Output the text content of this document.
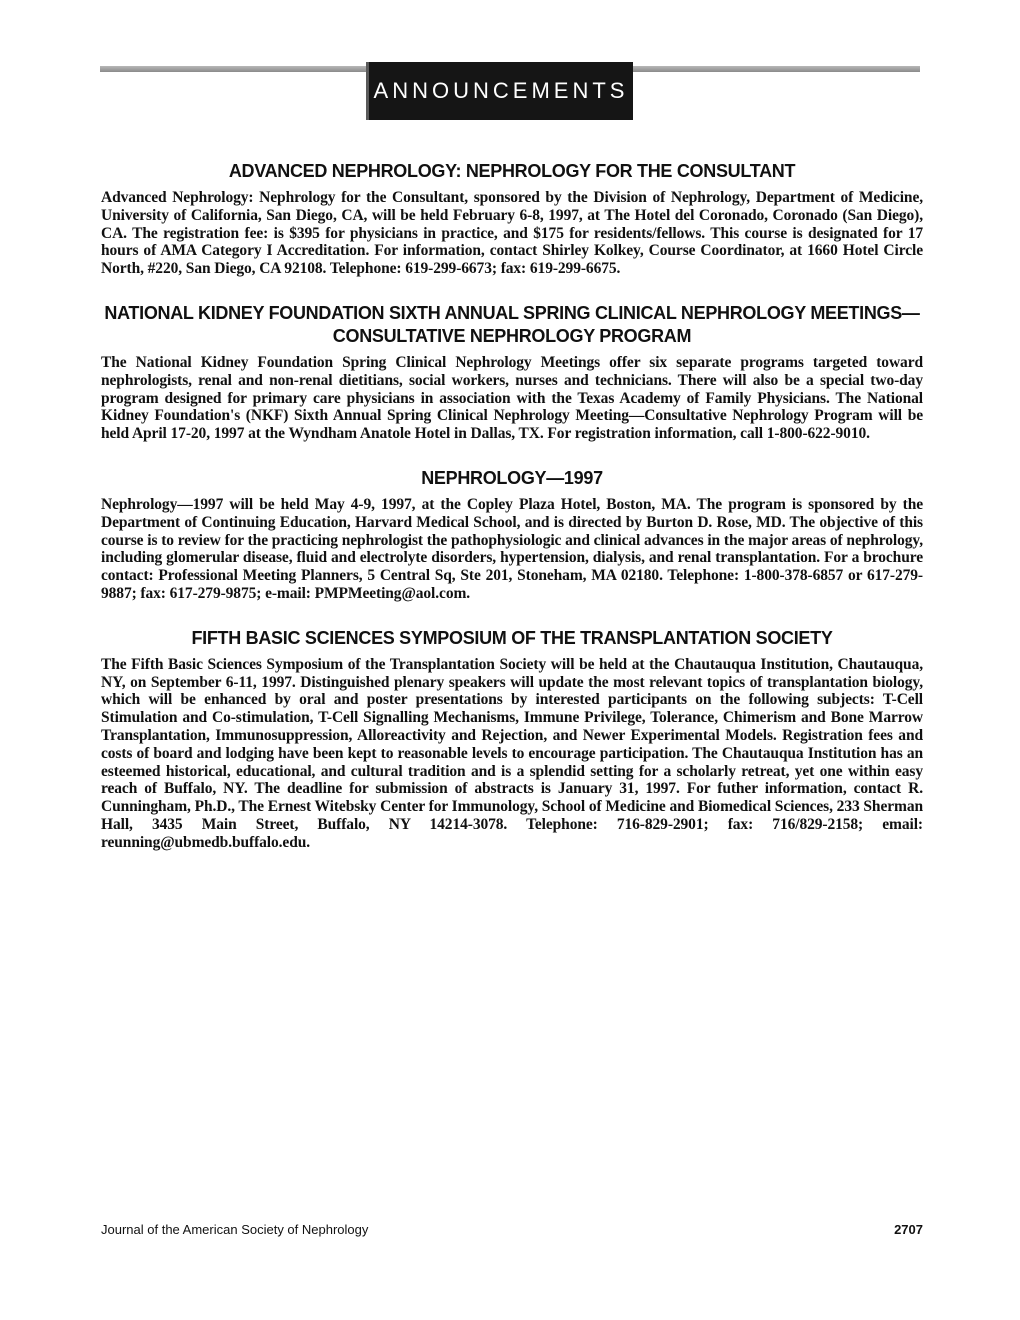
ANNOUNCEMENTS
ADVANCED NEPHROLOGY: NEPHROLOGY FOR THE CONSULTANT

Advanced Nephrology: Nephrology for the Consultant, sponsored by the Division of Nephrology, Department of Medicine, University of California, San Diego, CA, will be held February 6-8, 1997, at The Hotel del Coronado, Coronado (San Diego), CA. The registration fee: is $395 for physicians in practice, and $175 for residents/fellows. This course is designated for 17 hours of AMA Category I Accreditation. For information, contact Shirley Kolkey, Course Coordinator, at 1660 Hotel Circle North, #220, San Diego, CA 92108. Telephone: 619-299-6673; fax: 619-299-6675.

NATIONAL KIDNEY FOUNDATION SIXTH ANNUAL SPRING CLINICAL NEPHROLOGY MEETINGS—CONSULTATIVE NEPHROLOGY PROGRAM

The National Kidney Foundation Spring Clinical Nephrology Meetings offer six separate programs targeted toward nephrologists, renal and non-renal dietitians, social workers, nurses and technicians. There will also be a special two-day program designed for primary care physicians in association with the Texas Academy of Family Physicians. The National Kidney Foundation's (NKF) Sixth Annual Spring Clinical Nephrology Meeting—Consultative Nephrology Program will be held April 17-20, 1997 at the Wyndham Anatole Hotel in Dallas, TX. For registration information, call 1-800-622-9010.

NEPHROLOGY—1997

Nephrology—1997 will be held May 4-9, 1997, at the Copley Plaza Hotel, Boston, MA. The program is sponsored by the Department of Continuing Education, Harvard Medical School, and is directed by Burton D. Rose, MD. The objective of this course is to review for the practicing nephrologist the pathophysiologic and clinical advances in the major areas of nephrology, including glomerular disease, fluid and electrolyte disorders, hypertension, dialysis, and renal transplantation. For a brochure contact: Professional Meeting Planners, 5 Central Sq, Ste 201, Stoneham, MA 02180. Telephone: 1-800-378-6857 or 617-279-9887; fax: 617-279-9875; e-mail: PMPMeeting@aol.com.

FIFTH BASIC SCIENCES SYMPOSIUM OF THE TRANSPLANTATION SOCIETY

The Fifth Basic Sciences Symposium of the Transplantation Society will be held at the Chautauqua Institution, Chautauqua, NY, on September 6-11, 1997. Distinguished plenary speakers will update the most relevant topics of transplantation biology, which will be enhanced by oral and poster presentations by interested participants on the following subjects: T-Cell Stimulation and Co-stimulation, T-Cell Signalling Mechanisms, Immune Privilege, Tolerance, Chimerism and Bone Marrow Transplantation, Immunosuppression, Alloreactivity and Rejection, and Newer Experimental Models. Registration fees and costs of board and lodging have been kept to reasonable levels to encourage participation. The Chautauqua Institution has an esteemed historical, educational, and cultural tradition and is a splendid setting for a scholarly retreat, yet one within easy reach of Buffalo, NY. The deadline for submission of abstracts is January 31, 1997. For futher information, contact R. Cunningham, Ph.D., The Ernest Witebsky Center for Immunology, School of Medicine and Biomedical Sciences, 233 Sherman Hall, 3435 Main Street, Buffalo, NY 14214-3078. Telephone: 716-829-2901; fax: 716/829-2158; email: reunning@ubmedb.buffalo.edu.

Journal of the American Society of Nephrology	2707
